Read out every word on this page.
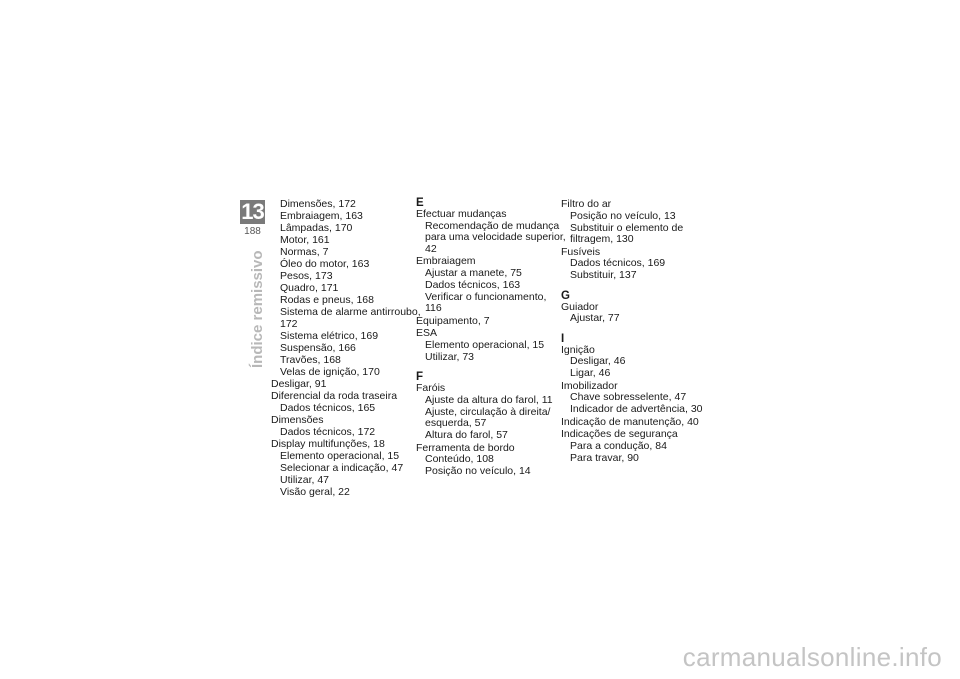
13
188
Índice remissivo
Dimensões, 172
Embraiagem, 163
Lâmpadas, 170
Motor, 161
Normas, 7
Óleo do motor, 163
Pesos, 173
Quadro, 171
Rodas e pneus, 168
Sistema de alarme antirroubo, 172
Sistema elétrico, 169
Suspensão, 166
Travões, 168
Velas de ignição, 170
Desligar, 91
Diferencial da roda traseira
Dados técnicos, 165
Dimensões
Dados técnicos, 172
Display multifunções, 18
Elemento operacional, 15
Selecionar a indicação, 47
Utilizar, 47
Visão geral, 22
E
Efectuar mudanças
Recomendação de mudança para uma velocidade superior, 42
Embraiagem
Ajustar a manete, 75
Dados técnicos, 163
Verificar o funcionamento, 116
Equipamento, 7
ESA
Elemento operacional, 15
Utilizar, 73
F
Faróis
Ajuste da altura do farol, 11
Ajuste, circulação à direita/ esquerda, 57
Altura do farol, 57
Ferramenta de bordo
Conteúdo, 108
Posição no veículo, 14
Filtro do ar
Posição no veículo, 13
Substituir o elemento de filtragem, 130
Fusíveis
Dados técnicos, 169
Substituir, 137
G
Guiador
Ajustar, 77
I
Ignição
Desligar, 46
Ligar, 46
Imobilizador
Chave sobresselente, 47
Indicador de advertência, 30
Indicação de manutenção, 40
Indicações de segurança
Para a condução, 84
Para travar, 90
carmanualsonline.info
